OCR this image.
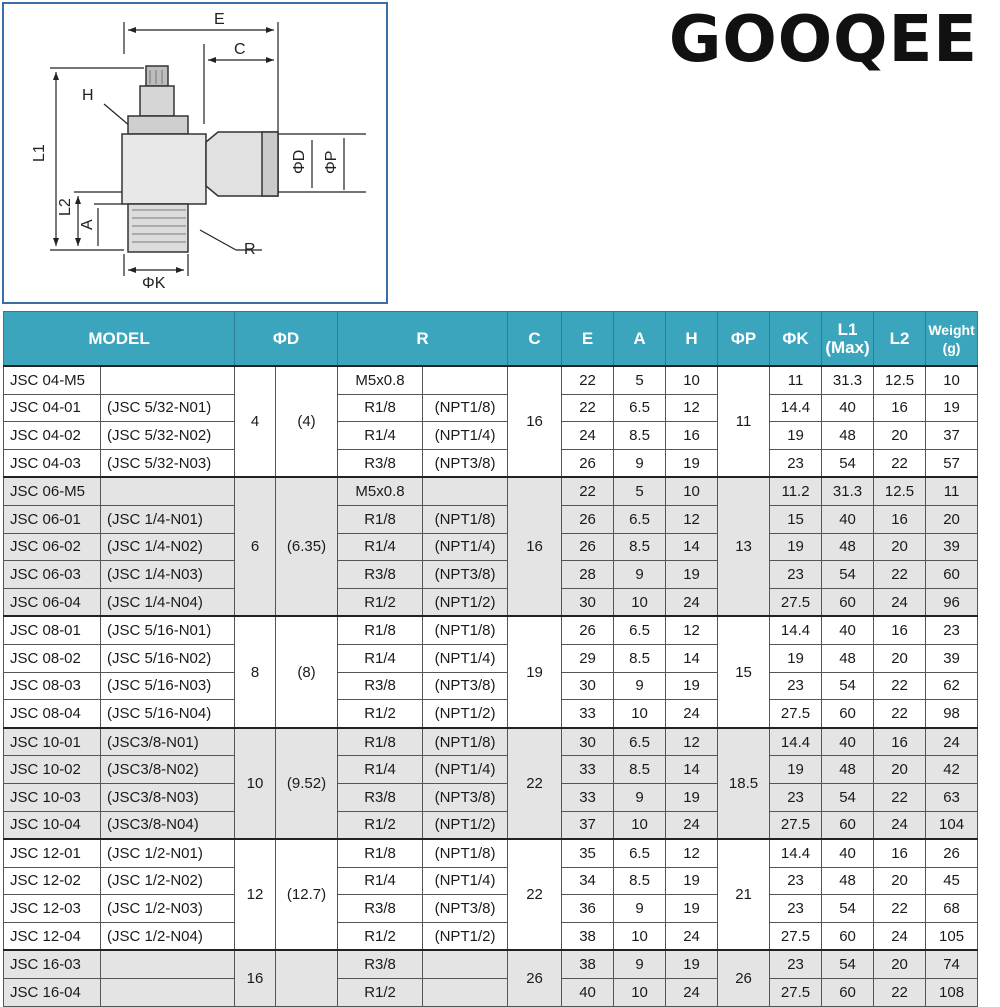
E
C
H
L1
L2
A
ΦD ΦP
R
ΦK
GOOQEE
MODEL		ΦD		R		C	E	A	H	ΦP	ΦK	L1
(Max)	L2	Weight
(g)
JSC 04-M5		4	(4)	M5x0.8		16	22	5	10	11	11	31.3	12.5	10
JSC 04-01	(JSC 5/32-N01)			R1/8	(NPT1/8)		22	6.5	12		14.4	40	16	19
JSC 04-02	(JSC 5/32-N02)			R1/4	(NPT1/4)		24	8.5	16		19	48	20	37
JSC 04-03	(JSC 5/32-N03)			R3/8	(NPT3/8)		26	9	19		23	54	22	57
JSC 06-M5		6	(6.35)	M5x0.8		16	22	5	10	13	11.2	31.3	12.5	11
JSC 06-01	(JSC 1/4-N01)			R1/8	(NPT1/8)		26	6.5	12		15	40	16	20
JSC 06-02	(JSC 1/4-N02)			R1/4	(NPT1/4)		26	8.5	14		19	48	20	39
JSC 06-03	(JSC 1/4-N03)			R3/8	(NPT3/8)		28	9	19		23	54	22	60
JSC 06-04	(JSC 1/4-N04)			R1/2	(NPT1/2)		30	10	24		27.5	60	24	96
JSC 08-01	(JSC 5/16-N01)	8	(8)	R1/8	(NPT1/8)	19	26	6.5	12	15	14.4	40	16	23
JSC 08-02	(JSC 5/16-N02)			R1/4	(NPT1/4)		29	8.5	14		19	48	20	39
JSC 08-03	(JSC 5/16-N03)			R3/8	(NPT3/8)		30	9	19		23	54	22	62
JSC 08-04	(JSC 5/16-N04)			R1/2	(NPT1/2)		33	10	24		27.5	60	22	98
JSC 10-01	(JSC3/8-N01)	10	(9.52)	R1/8	(NPT1/8)	22	30	6.5	12	18.5	14.4	40	16	24
JSC 10-02	(JSC3/8-N02)			R1/4	(NPT1/4)		33	8.5	14		19	48	20	42
JSC 10-03	(JSC3/8-N03)			R3/8	(NPT3/8)		33	9	19		23	54	22	63
JSC 10-04	(JSC3/8-N04)			R1/2	(NPT1/2)		37	10	24		27.5	60	24	104
JSC 12-01	(JSC 1/2-N01)	12	(12.7)	R1/8	(NPT1/8)	22	35	6.5	12	21	14.4	40	16	26
JSC 12-02	(JSC 1/2-N02)			R1/4	(NPT1/4)		34	8.5	19		23	48	20	45
JSC 12-03	(JSC 1/2-N03)			R3/8	(NPT3/8)		36	9	19		23	54	22	68
JSC 12-04	(JSC 1/2-N04)			R1/2	(NPT1/2)		38	10	24		27.5	60	24	105
JSC 16-03		16		R3/8		26	38	9	19	26	23	54	20	74
JSC 16-04				R1/2			40	10	24		27.5	60	22	108
